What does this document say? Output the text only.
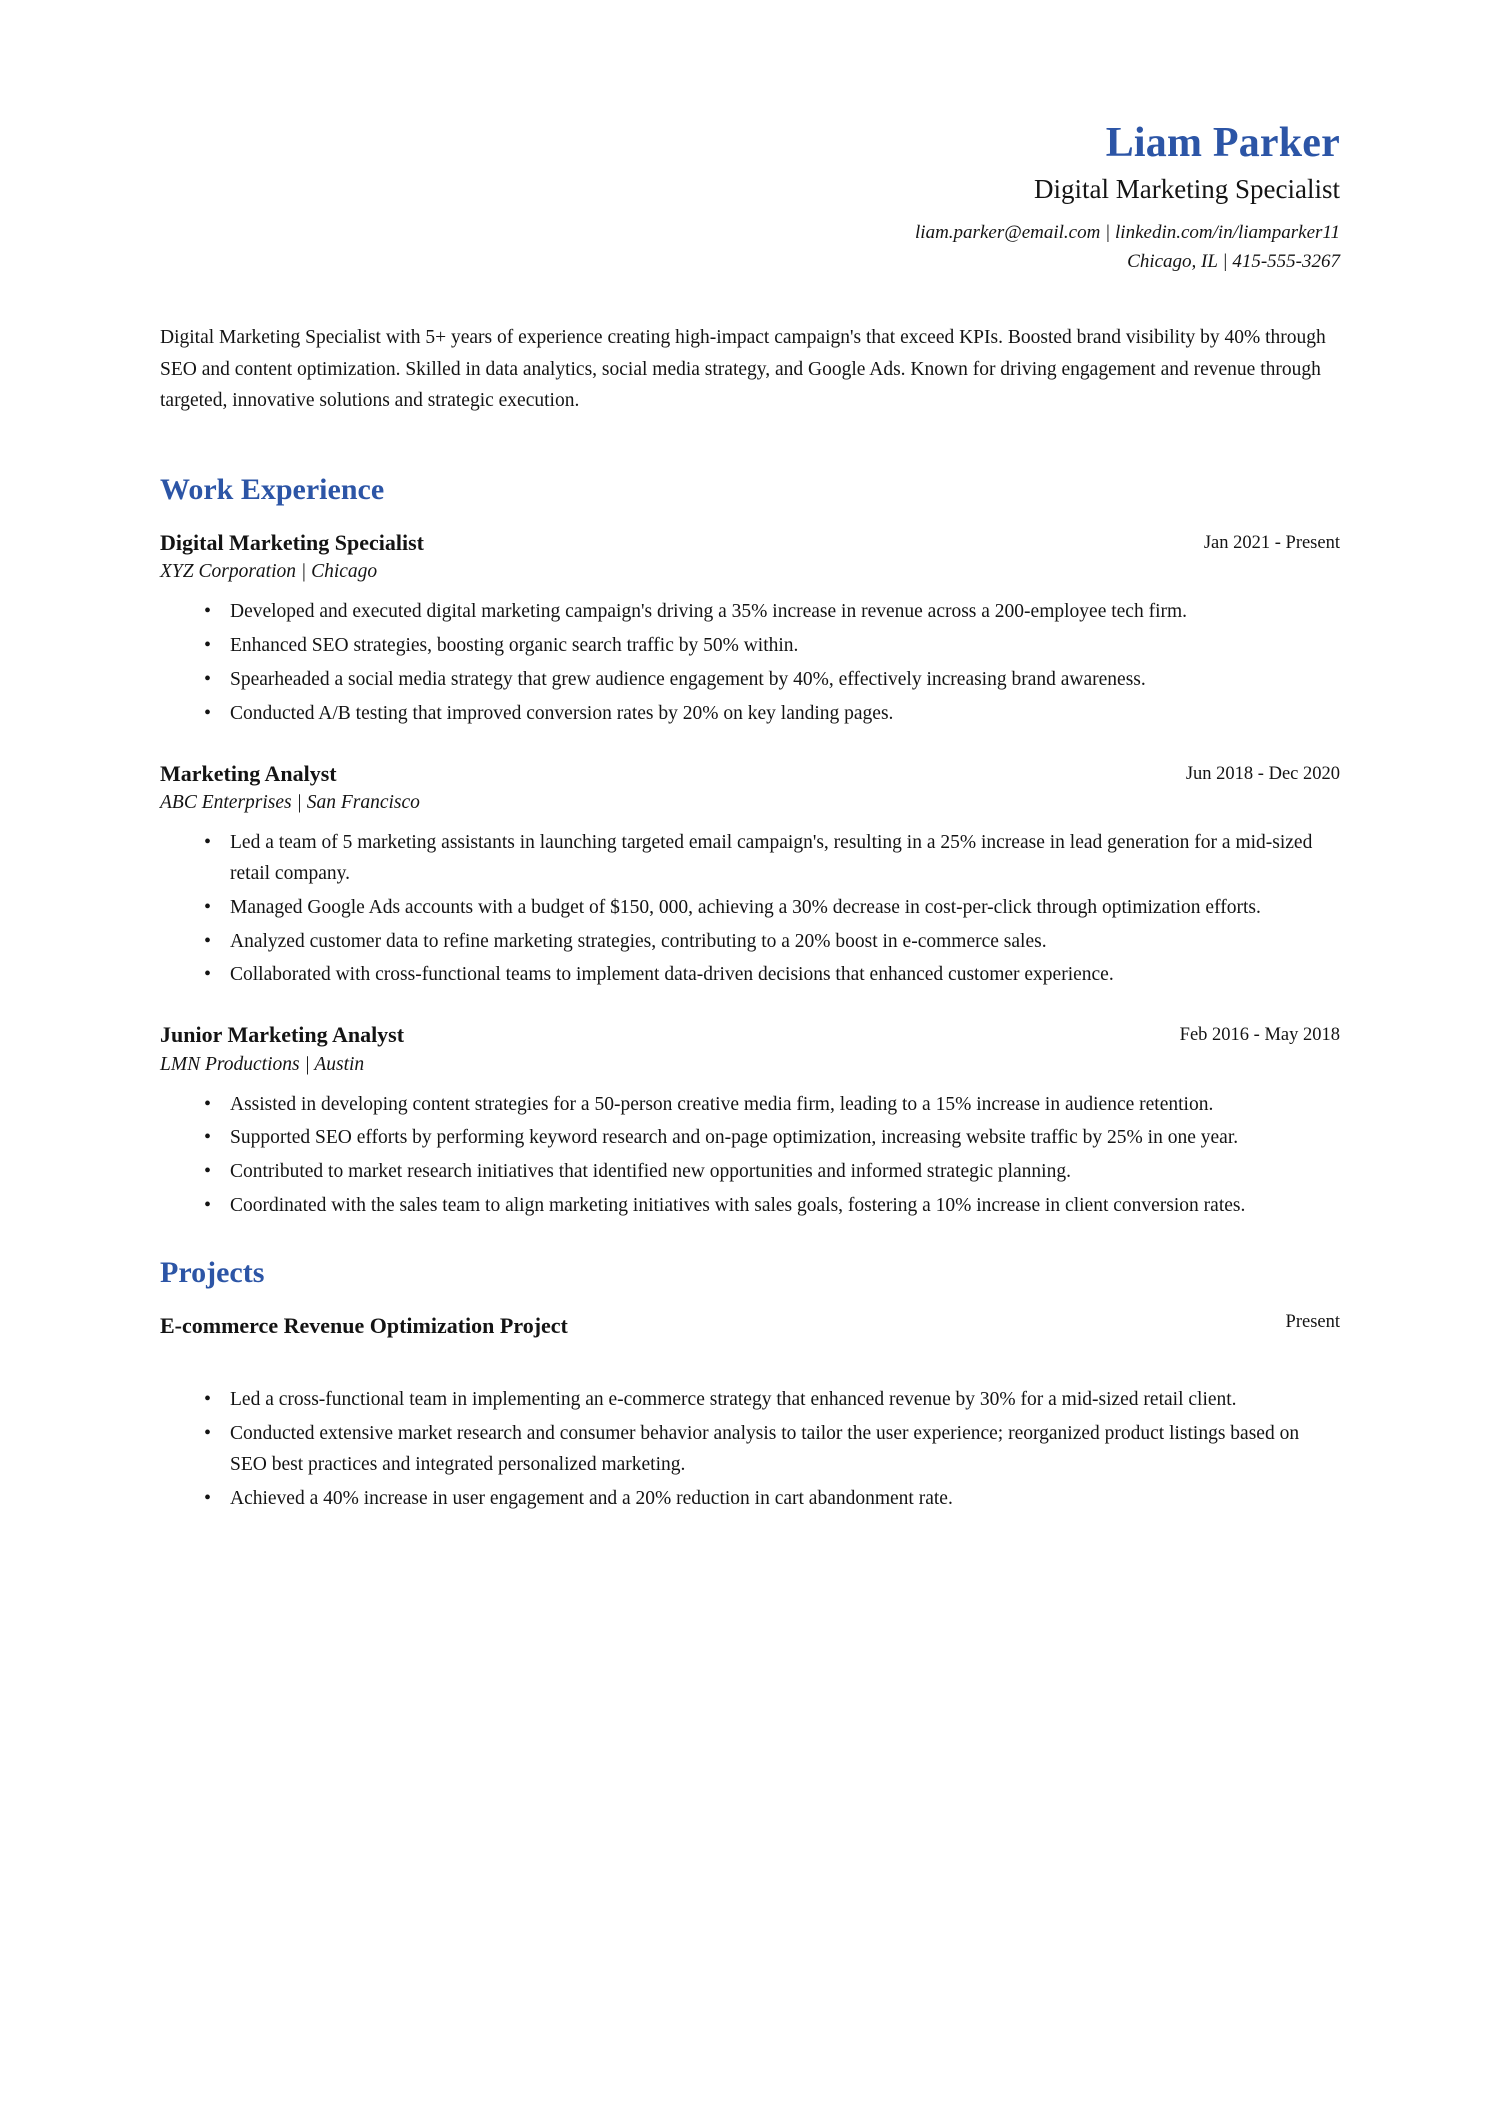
Liam Parker
Digital Marketing Specialist
liam.parker@email.com | linkedin.com/in/liamparker11
Chicago, IL | 415-555-3267
Digital Marketing Specialist with 5+ years of experience creating high-impact campaign's that exceed KPIs. Boosted brand visibility by 40% through SEO and content optimization. Skilled in data analytics, social media strategy, and Google Ads. Known for driving engagement and revenue through targeted, innovative solutions and strategic execution.
Work Experience
Digital Marketing Specialist	Jan 2021 - Present
XYZ Corporation | Chicago
• Developed and executed digital marketing campaign's driving a 35% increase in revenue across a 200-employee tech firm.
• Enhanced SEO strategies, boosting organic search traffic by 50% within.
• Spearheaded a social media strategy that grew audience engagement by 40%, effectively increasing brand awareness.
• Conducted A/B testing that improved conversion rates by 20% on key landing pages.
Marketing Analyst	Jun 2018 - Dec 2020
ABC Enterprises | San Francisco
• Led a team of 5 marketing assistants in launching targeted email campaign's, resulting in a 25% increase in lead generation for a mid-sized retail company.
• Managed Google Ads accounts with a budget of $150, 000, achieving a 30% decrease in cost-per-click through optimization efforts.
• Analyzed customer data to refine marketing strategies, contributing to a 20% boost in e-commerce sales.
• Collaborated with cross-functional teams to implement data-driven decisions that enhanced customer experience.
Junior Marketing Analyst	Feb 2016 - May 2018
LMN Productions | Austin
• Assisted in developing content strategies for a 50-person creative media firm, leading to a 15% increase in audience retention.
• Supported SEO efforts by performing keyword research and on-page optimization, increasing website traffic by 25% in one year.
• Contributed to market research initiatives that identified new opportunities and informed strategic planning.
• Coordinated with the sales team to align marketing initiatives with sales goals, fostering a 10% increase in client conversion rates.
Projects
E-commerce Revenue Optimization Project	Present
• Led a cross-functional team in implementing an e-commerce strategy that enhanced revenue by 30% for a mid-sized retail client.
• Conducted extensive market research and consumer behavior analysis to tailor the user experience; reorganized product listings based on SEO best practices and integrated personalized marketing.
• Achieved a 40% increase in user engagement and a 20% reduction in cart abandonment rate.
